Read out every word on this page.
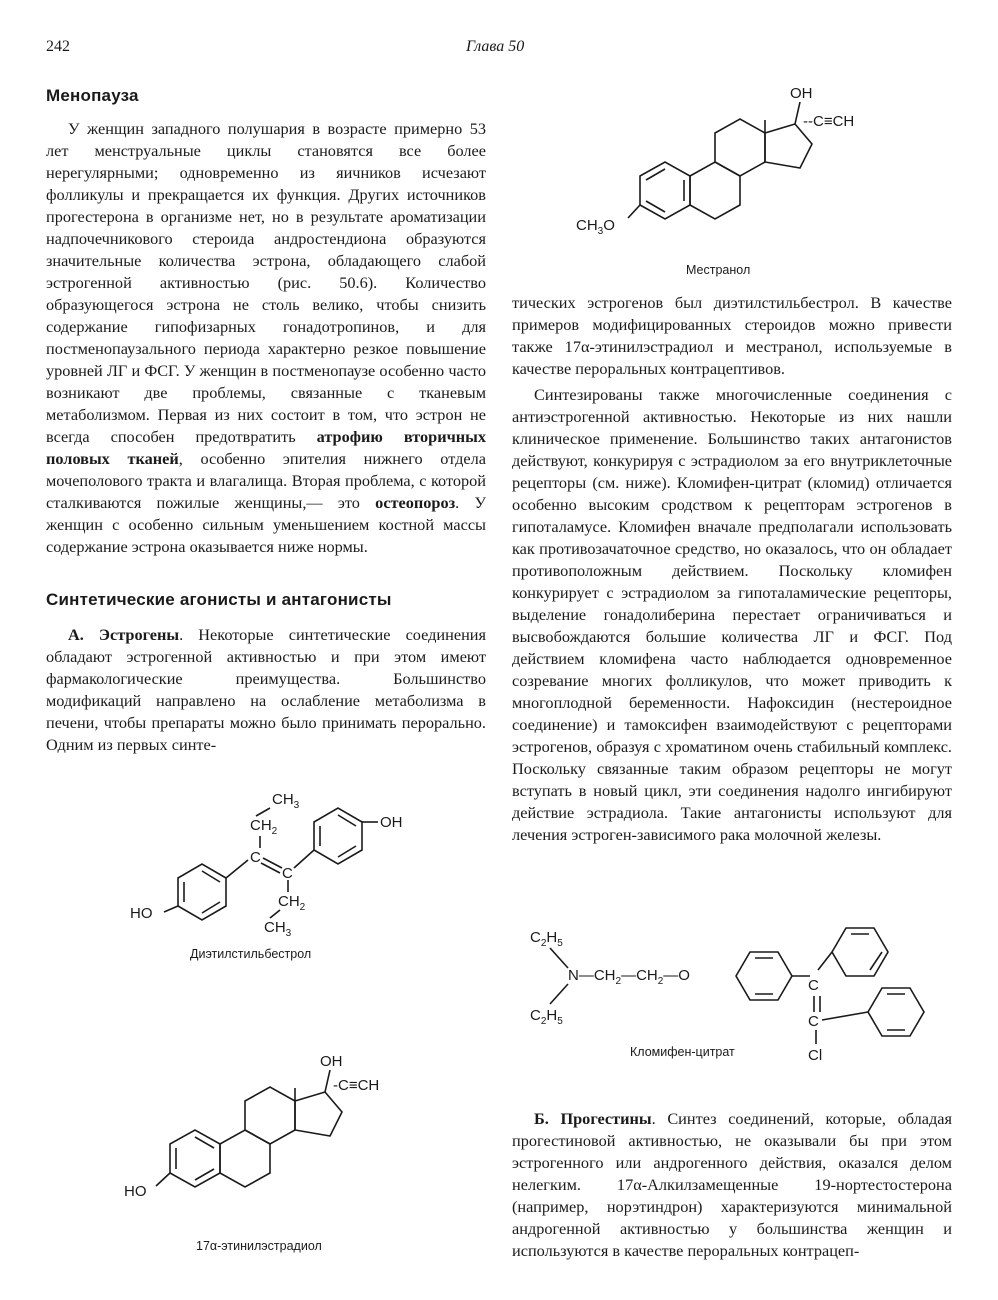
242	Глава 50
Менопауза

У женщин западного полушария в возрасте примерно 53 лет менструальные циклы становятся все более нерегулярными; одновременно из яичников исчезают фолликулы и прекращается их функция. Других источников прогестерона в организме нет, но в результате ароматизации надпочечникового стероида андростендиона образуются значительные количества эстрона, обладающего слабой эстрогенной активностью (рис. 50.6). Количество образующегося эстрона не столь велико, чтобы снизить содержание гипофизарных гонадотропинов, и для постменопаузального периода характерно резкое повышение уровней ЛГ и ФСГ. У женщин в постменопаузе особенно часто возникают две проблемы, связанные с тканевым метаболизмом. Первая из них состоит в том, что эстрон не всегда способен предотвратить атрофию вторичных половых тканей, особенно эпителия нижнего отдела мочеполового тракта и влагалища. Вторая проблема, с которой сталкиваются пожилые женщины,— это остеопороз. У женщин с особенно сильным уменьшением костной массы содержание эстрона оказывается ниже нормы.

Синтетические агонисты и антагонисты

А. Эстрогены. Некоторые синтетические соединения обладают эстрогенной активностью и при этом имеют фармакологические преимущества. Большинство модификаций направлено на ослабление метаболизма в печени, чтобы препараты можно было принимать перорально. Одним из первых синте-

тических эстрогенов был диэтилстильбестрол. В качестве примеров модифицированных стероидов можно привести также 17α-этинилэстрадиол и местранол, используемые в качестве пероральных контрацептивов.

Синтезированы также многочисленные соединения с антиэстрогенной активностью. Некоторые из них нашли клиническое применение. Большинство таких антагонистов действуют, конкурируя с эстрадиолом за его внутриклеточные рецепторы (см. ниже). Кломифен-цитрат (кломид) отличается особенно высоким сродством к рецепторам эстрогенов в гипоталамусе. Кломифен вначале предполагали использовать как противозачаточное средство, но оказалось, что он обладает противоположным действием. Поскольку кломифен конкурирует с эстрадиолом за гипоталамические рецепторы, выделение гонадолиберина перестает ограничиваться и высвобождаются большие количества ЛГ и ФСГ. Под действием кломифена часто наблюдается одновременное созревание многих фолликулов, что может приводить к многоплодной беременности. Нафоксидин (нестероидное соединение) и тамоксифен взаимодействуют с рецепторами эстрогенов, образуя с хроматином очень стабильный комплекс. Поскольку связанные таким образом рецепторы не могут вступать в новый цикл, эти соединения надолго ингибируют действие эстрадиола. Такие антагонисты используют для лечения эстроген-зависимого рака молочной железы.

Б. Прогестины. Синтез соединений, которые, обладая прогестиновой активностью, не оказывали бы при этом эстрогенного или андрогенного действия, оказался делом нелегким. 17α-Алкилзамещенные 19-нортестостерона (например, норэтиндрон) характеризуются минимальной андрогенной активностью у большинства женщин и используются в качестве пероральных контрацеп-

OH
--C≡CH
$CH_3O$
Местранол
$CH_3$
$CH_2$
C
C
HO
OH
$CH_2$
$CH_3$
Диэтилстильбестрол
OH
-C≡CH
HO
17α-этинилэстрадиол
$C_2H_5$
$N—CH_2—CH_2—O$
$C_2H_5$
C
C
Cl
Кломифен-цитрат
